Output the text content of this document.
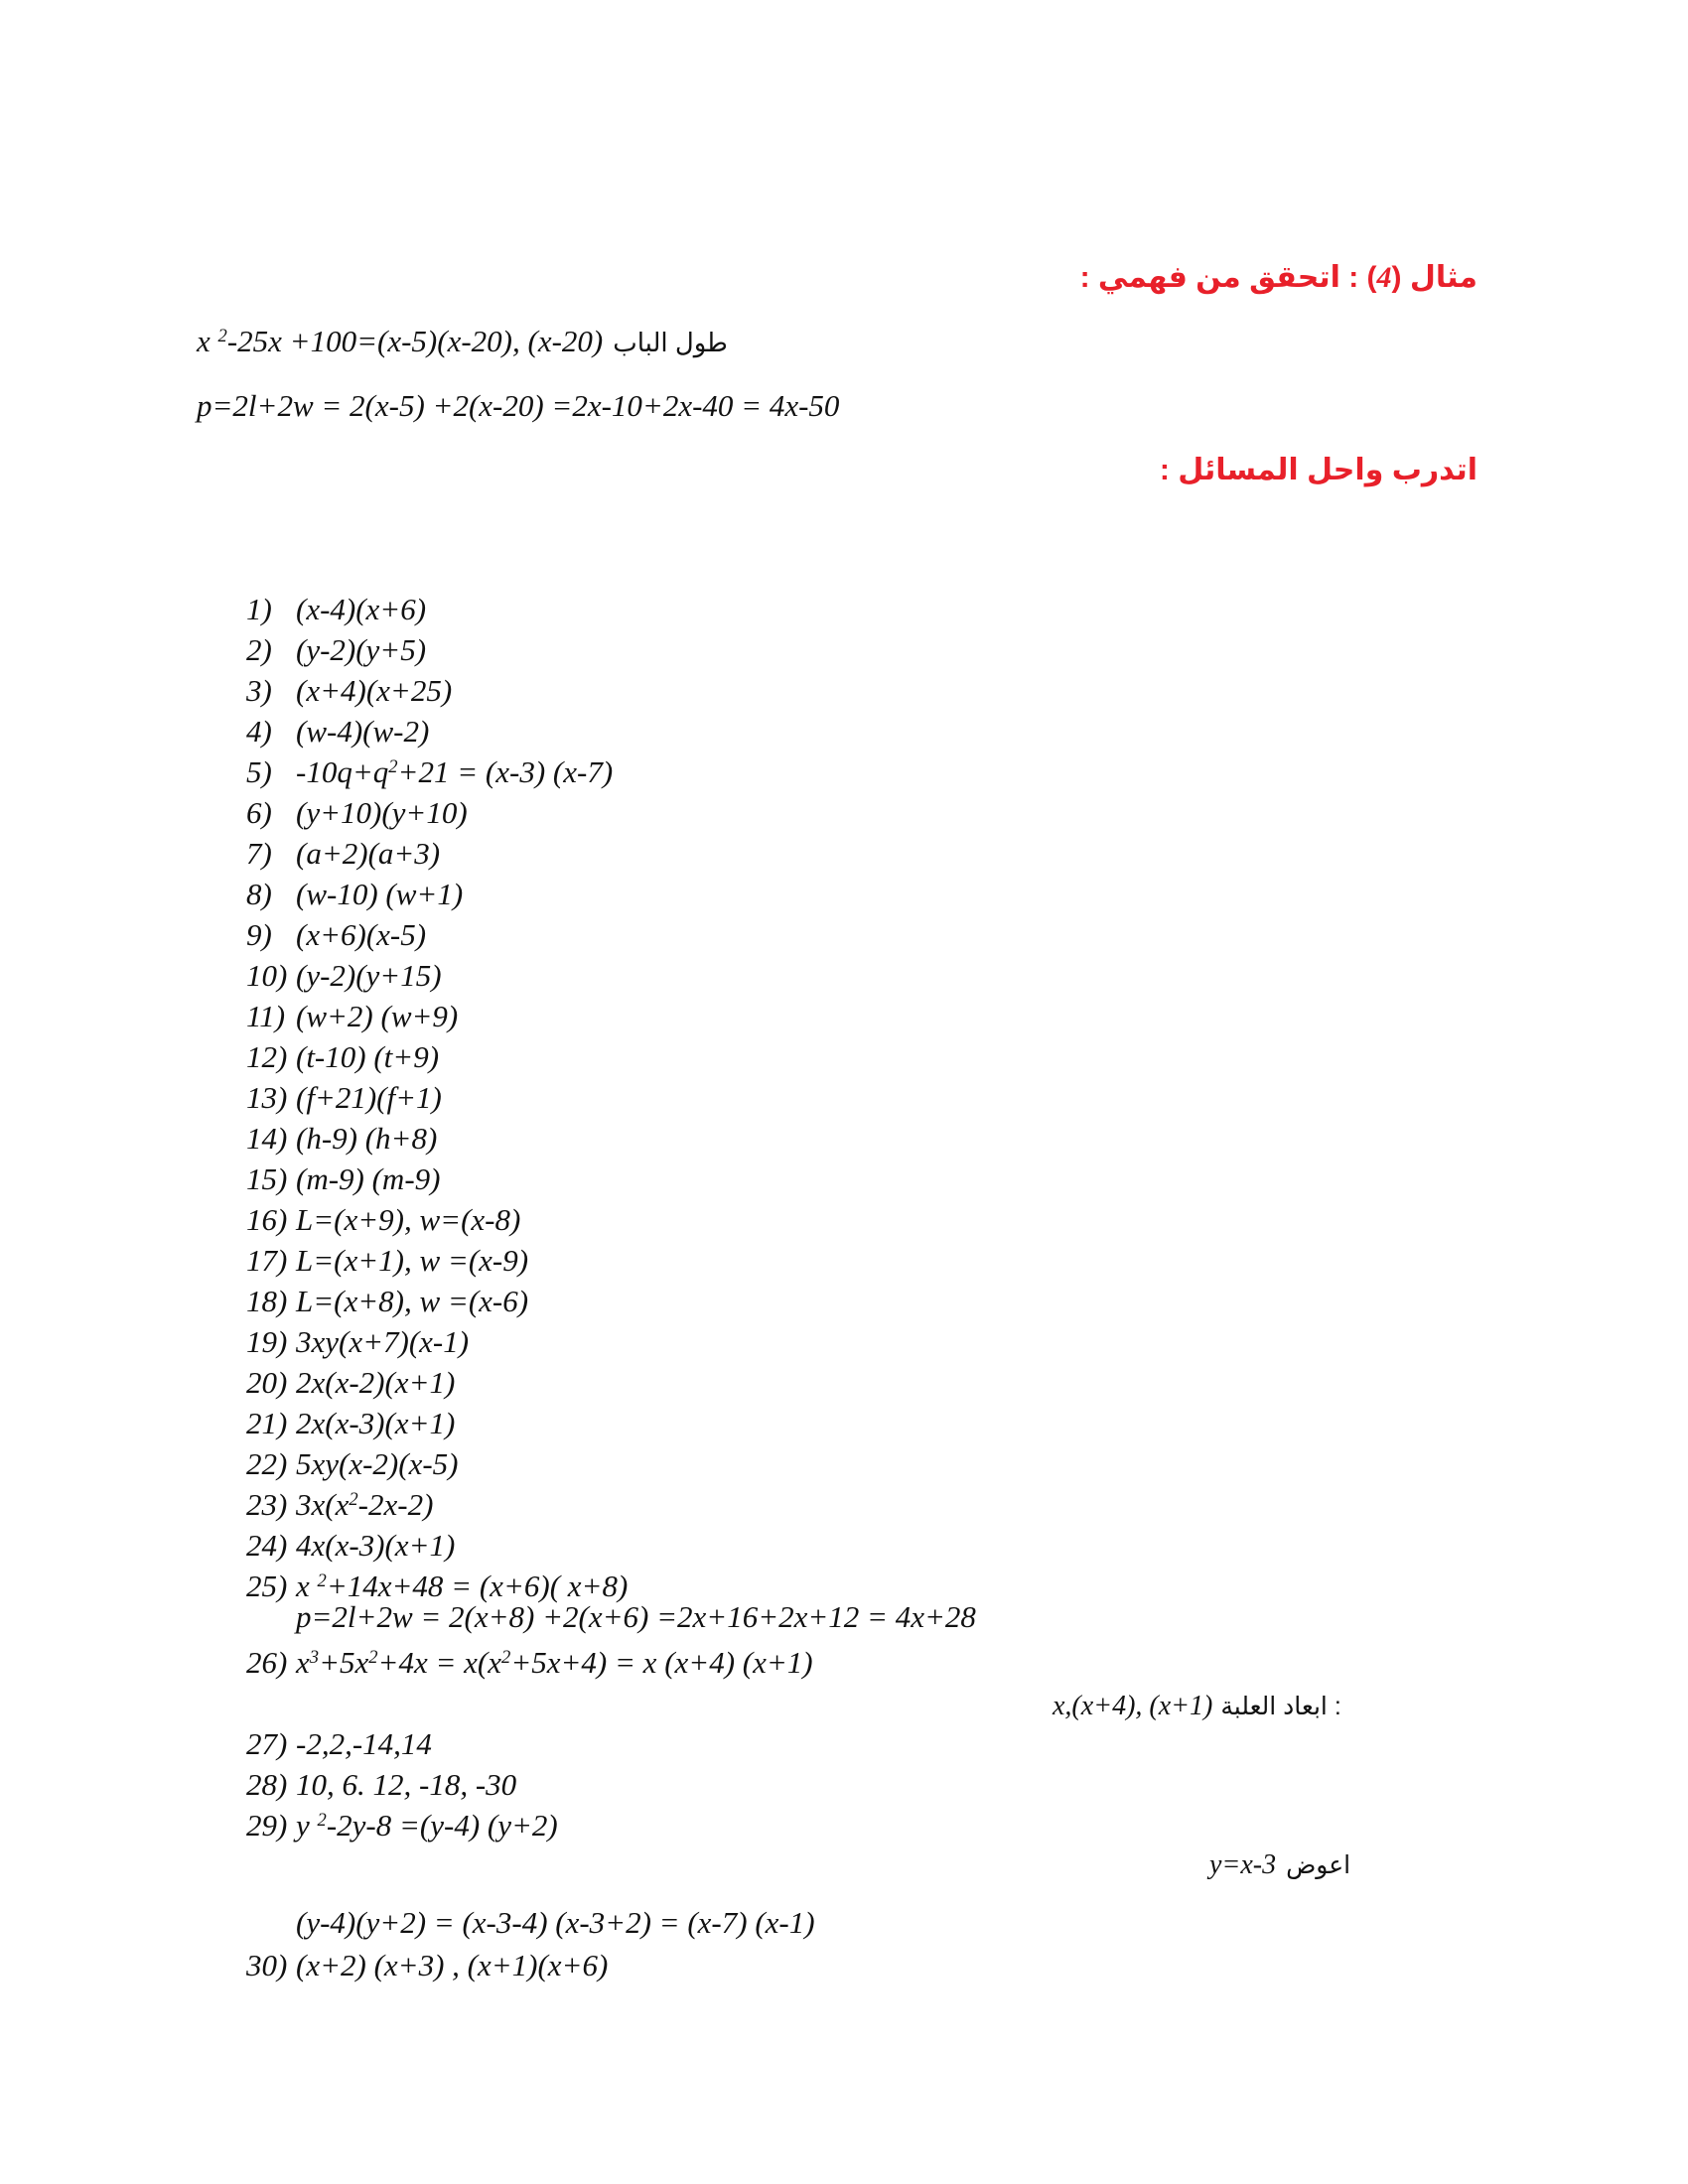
مثال (4) : اتحقق من فهمي :
x $^2$-25x +100=(x-5)(x-20), (x-20) طول الباب
p=2l+2w = 2(x-5) +2(x-20) =2x-10+2x-40 = 4x-50
اتدرب واحل المسائل :
1) (x-4)(x+6)
2) (y-2)(y+5)
3) (x+4)(x+25)
4) (w-4)(w-2)
5) $-10q+q^2+21 = (x-3)$ (x-7)
6) (y+10)(y+10)
7) (a+2)(a+3)
8) (w-10) (w+1)
9) (x+6)(x-5)
10) (y-2)(y+15)
11) (w+2) (w+9)
12) (t-10) (t+9)
13) (f+21)(f+1)
14) (h-9) (h+8)
15) (m-9) (m-9)
16) L=(x+9), w=(x-8)
17) L=(x+1), w =(x-9)
18) L=(x+8), w =(x-6)
19) 3xy(x+7)(x-1)
20) 2x(x-2)(x+1)
21) 2x(x-3)(x+1)
22) 5xy(x-2)(x-5)
23) $3x(x^2-2x-2)$
24) 4x(x-3)(x+1)
25) x $^2$+14x+48 = (x+6)( x+8)
p=2l+2w = 2(x+8) +2(x+6) =2x+16+2x+12 = 4x+28
26) $x^3+5x^2+4x = x(x^2+5x+4) = x$ (x+4) (x+1)
x,(x+4), (x+1) ابعاد العلبة :
27) -2,2,-14,14
28) 10, 6. 12, -18, -30
29) y $^2$-2y-8 =(y-4) (y+2)
y=x-3 اعوض
(y-4)(y+2) = (x-3-4) (x-3+2) = (x-7) (x-1)
30) (x+2) (x+3) , (x+1)(x+6)
